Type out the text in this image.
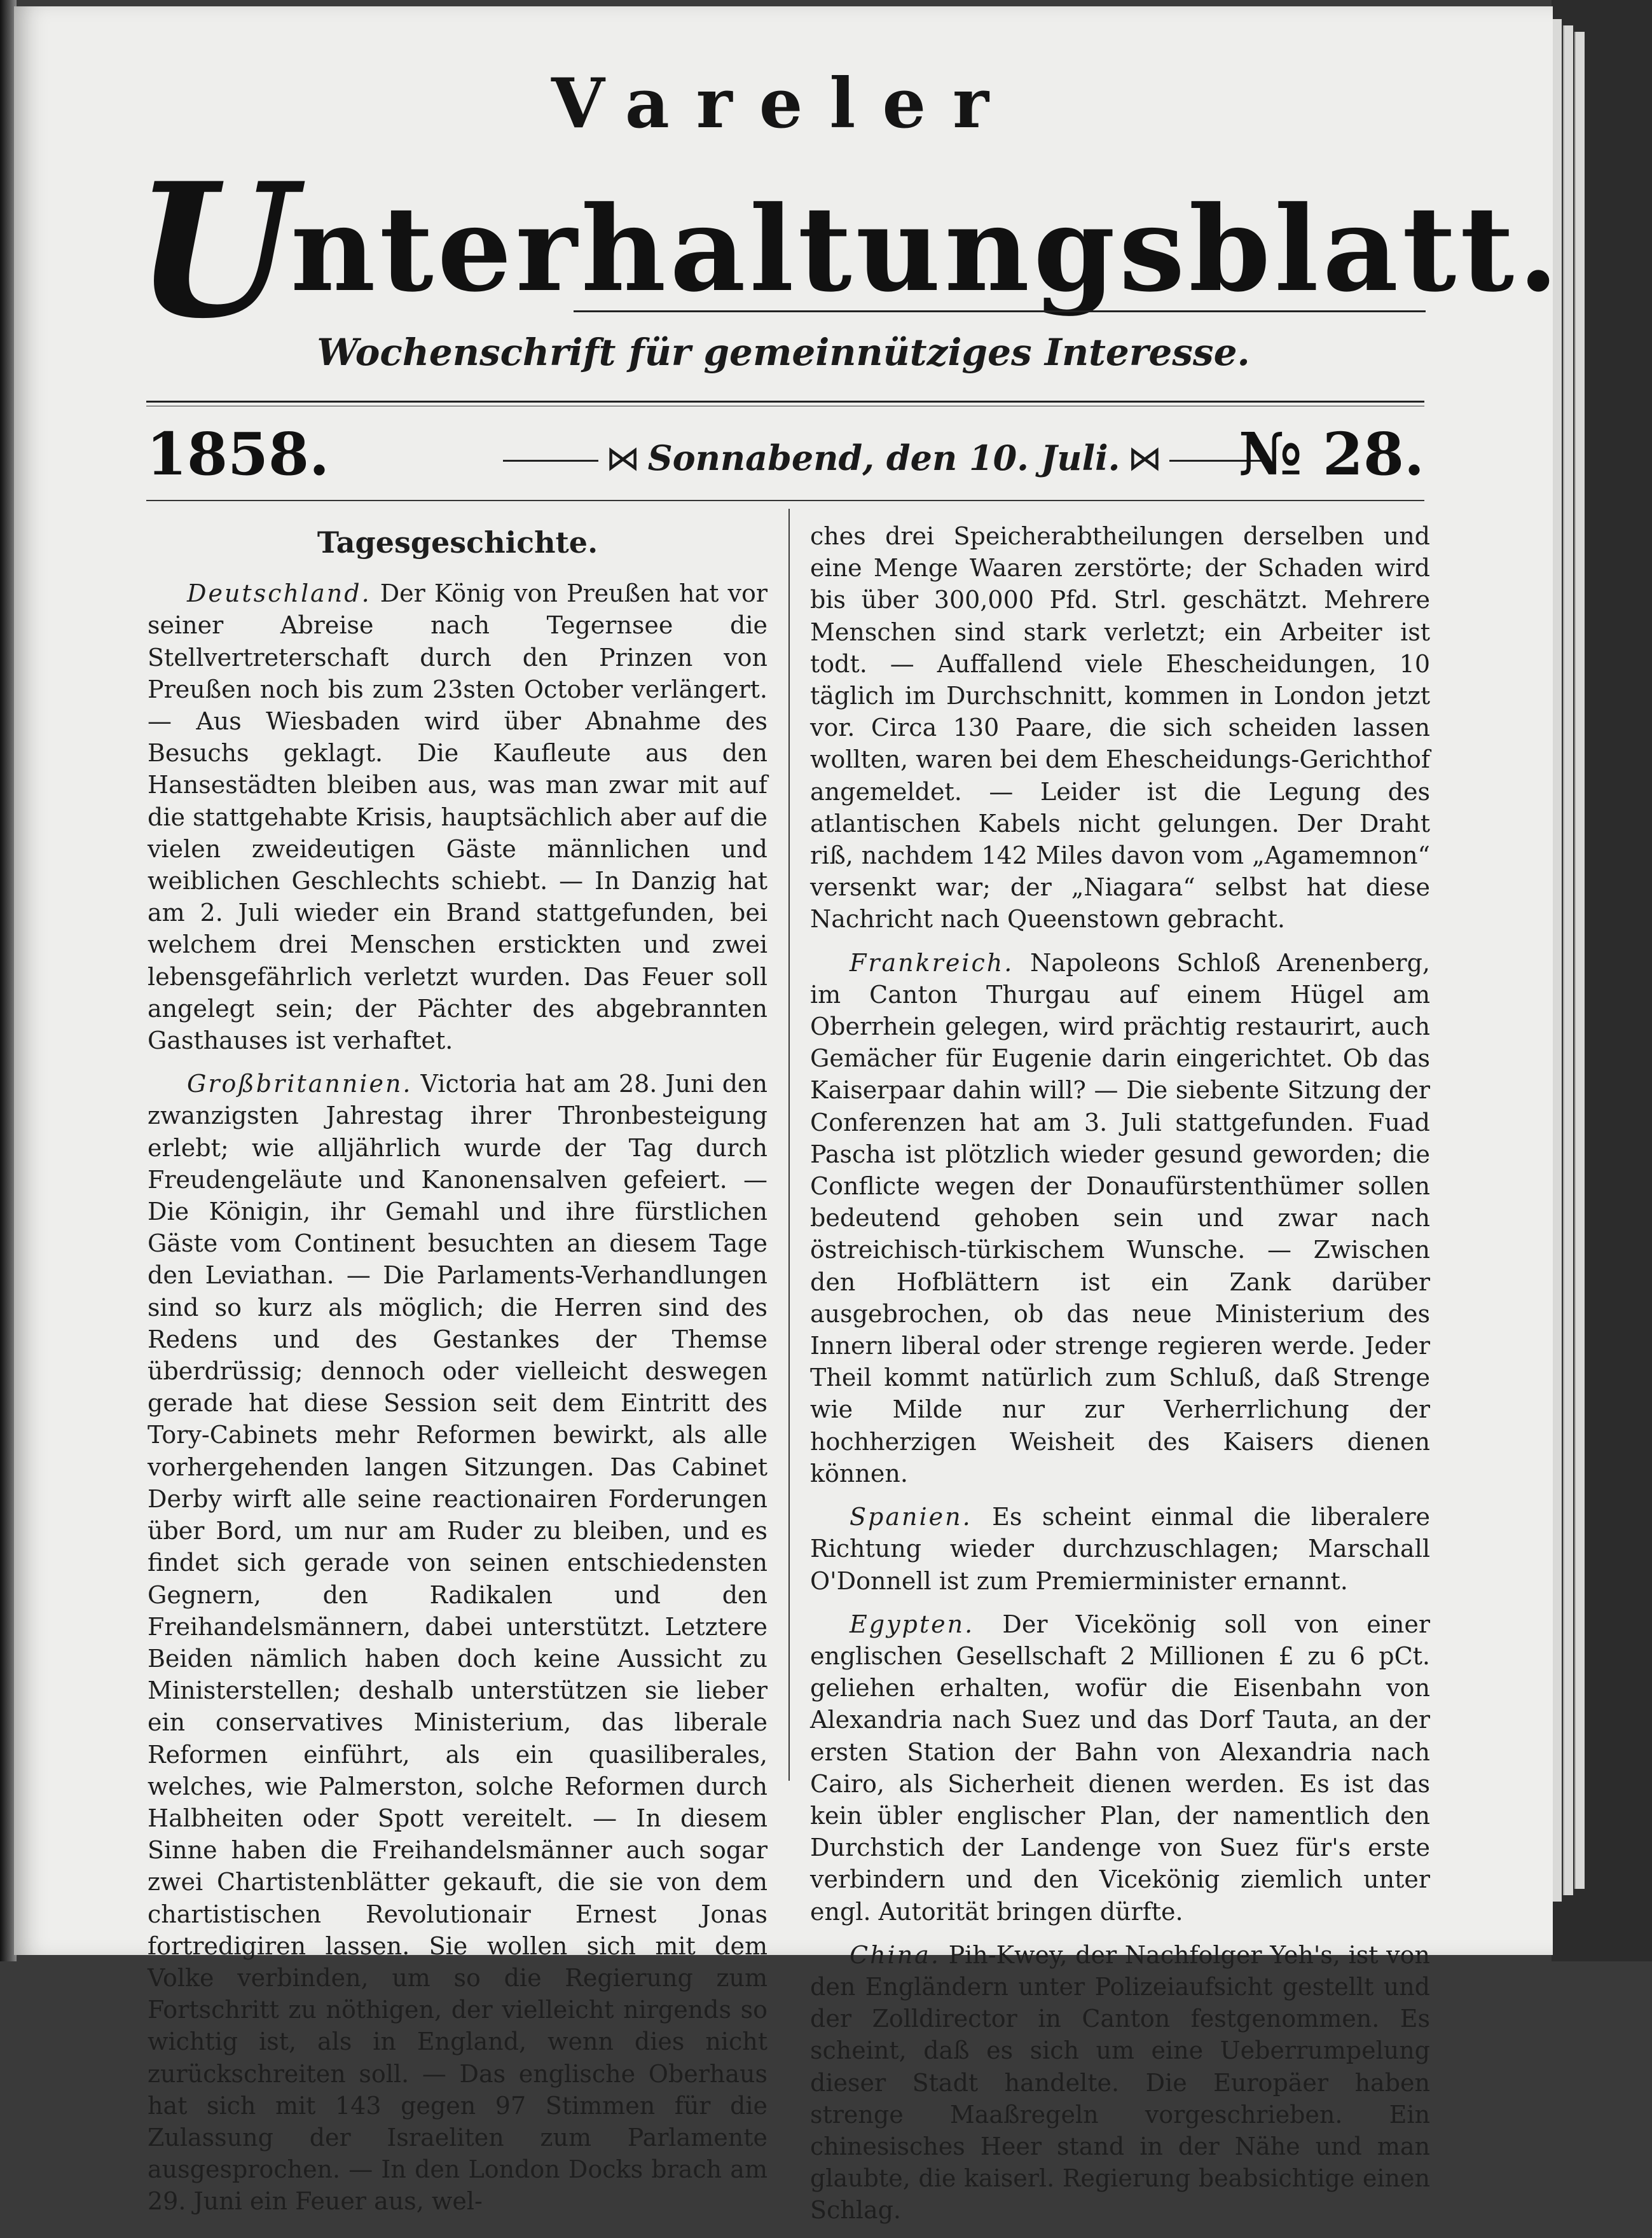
Vareler
Unterhaltungsblatt.
Wochenschrift für gemeinnütziges Interesse.
1858.	⋈ Sonnabend, den 10. Juli. ⋈	№ 28.
Tagesgeschichte.

Deutschland. Der König von Preußen hat vor seiner Abreise nach Tegernsee die Stellvertreterschaft durch den Prinzen von Preußen noch bis zum 23sten October verlängert. — Aus Wiesbaden wird über Abnahme des Besuchs geklagt. Die Kaufleute aus den Hansestädten bleiben aus, was man zwar mit auf die stattgehabte Krisis, hauptsächlich aber auf die vielen zweideutigen Gäste männlichen und weiblichen Geschlechts schiebt. — In Danzig hat am 2. Juli wieder ein Brand stattgefunden, bei welchem drei Menschen erstickten und zwei lebensgefährlich verletzt wurden. Das Feuer soll angelegt sein; der Pächter des abgebrannten Gasthauses ist verhaftet.

Großbritannien. Victoria hat am 28. Juni den zwanzigsten Jahrestag ihrer Thronbesteigung erlebt; wie alljährlich wurde der Tag durch Freudengeläute und Kanonensalven gefeiert. — Die Königin, ihr Gemahl und ihre fürstlichen Gäste vom Continent besuchten an diesem Tage den Leviathan. — Die Parlaments-Verhandlungen sind so kurz als möglich; die Herren sind des Redens und des Gestankes der Themse überdrüssig; dennoch oder vielleicht deswegen gerade hat diese Session seit dem Eintritt des Tory-Cabinets mehr Reformen bewirkt, als alle vorhergehenden langen Sitzungen. Das Cabinet Derby wirft alle seine reactionairen Forderungen über Bord, um nur am Ruder zu bleiben, und es findet sich gerade von seinen entschiedensten Gegnern, den Radikalen und den Freihandelsmännern, dabei unterstützt. Letztere Beiden nämlich haben doch keine Aussicht zu Ministerstellen; deshalb unterstützen sie lieber ein conservatives Ministerium, das liberale Reformen einführt, als ein quasiliberales, welches, wie Palmerston, solche Reformen durch Halbheiten oder Spott vereitelt. — In diesem Sinne haben die Freihandelsmänner auch sogar zwei Chartistenblätter gekauft, die sie von dem chartistischen Revolutionair Ernest Jonas fortredigiren lassen. Sie wollen sich mit dem Volke verbinden, um so die Regierung zum Fortschritt zu nöthigen, der vielleicht nirgends so wichtig ist, als in England, wenn dies nicht zurückschreiten soll. — Das englische Oberhaus hat sich mit 143 gegen 97 Stimmen für die Zulassung der Israeliten zum Parlamente ausgesprochen. — In den London Docks brach am 29. Juni ein Feuer aus, wel-

ches drei Speicherabtheilungen derselben und eine Menge Waaren zerstörte; der Schaden wird bis über 300,000 Pfd. Strl. geschätzt. Mehrere Menschen sind stark verletzt; ein Arbeiter ist todt. — Auffallend viele Ehescheidungen, 10 täglich im Durchschnitt, kommen in London jetzt vor. Circa 130 Paare, die sich scheiden lassen wollten, waren bei dem Ehescheidungs-Gerichthof angemeldet. — Leider ist die Legung des atlantischen Kabels nicht gelungen. Der Draht riß, nachdem 142 Miles davon vom „Agamemnon“ versenkt war; der „Niagara“ selbst hat diese Nachricht nach Queenstown gebracht.

Frankreich. Napoleons Schloß Arenenberg, im Canton Thurgau auf einem Hügel am Oberrhein gelegen, wird prächtig restaurirt, auch Gemächer für Eugenie darin eingerichtet. Ob das Kaiserpaar dahin will? — Die siebente Sitzung der Conferenzen hat am 3. Juli stattgefunden. Fuad Pascha ist plötzlich wieder gesund geworden; die Conflicte wegen der Donaufürstenthümer sollen bedeutend gehoben sein und zwar nach östreichisch-türkischem Wunsche. — Zwischen den Hofblättern ist ein Zank darüber ausgebrochen, ob das neue Ministerium des Innern liberal oder strenge regieren werde. Jeder Theil kommt natürlich zum Schluß, daß Strenge wie Milde nur zur Verherrlichung der hochherzigen Weisheit des Kaisers dienen können.

Spanien. Es scheint einmal die liberalere Richtung wieder durchzuschlagen; Marschall O'Donnell ist zum Premierminister ernannt.

Egypten. Der Vicekönig soll von einer englischen Gesellschaft 2 Millionen £ zu 6 pCt. geliehen erhalten, wofür die Eisenbahn von Alexandria nach Suez und das Dorf Tauta, an der ersten Station der Bahn von Alexandria nach Cairo, als Sicherheit dienen werden. Es ist das kein übler englischer Plan, der namentlich den Durchstich der Landenge von Suez für's erste verbindern und den Vicekönig ziemlich unter engl. Autorität bringen dürfte.

China. Pih-Kwey, der Nachfolger Yeh's, ist von den Engländern unter Polizeiaufsicht gestellt und der Zolldirector in Canton festgenommen. Es scheint, daß es sich um eine Ueberrumpelung dieser Stadt handelte. Die Europäer haben strenge Maaßregeln vorgeschrieben. Ein chinesisches Heer stand in der Nähe und man glaubte, die kaiserl. Regierung beabsichtige einen Schlag.
